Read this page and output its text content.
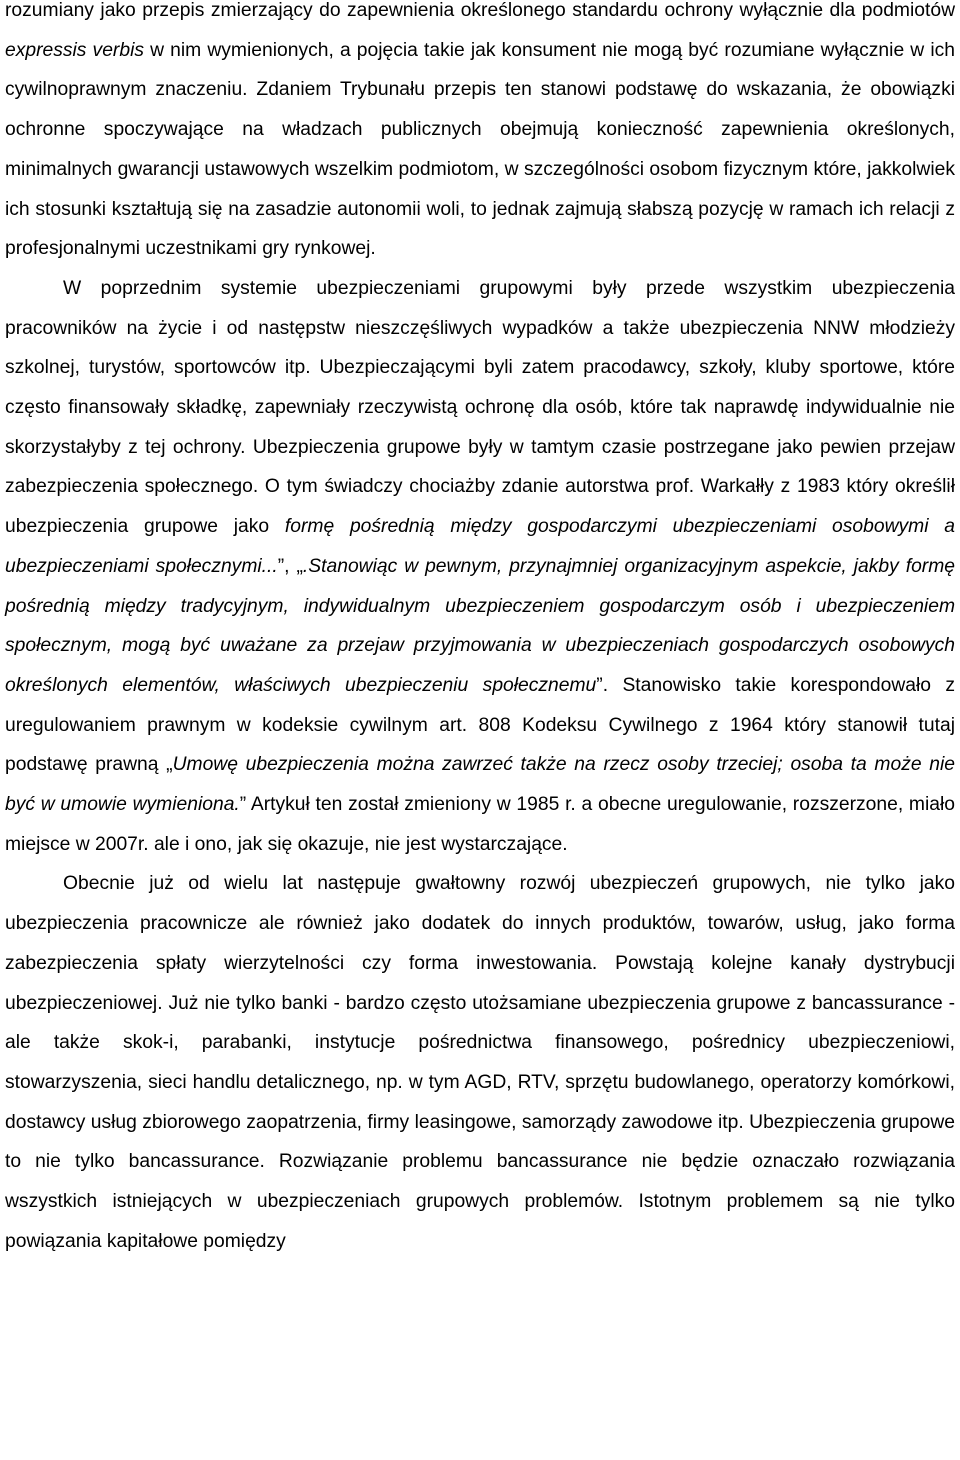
rozumiany jako przepis zmierzający do zapewnienia określonego standardu ochrony wyłącznie dla podmiotów expressis verbis w nim wymienionych, a pojęcia takie jak konsument nie mogą być rozumiane wyłącznie w ich cywilnoprawnym znaczeniu. Zdaniem Trybunału przepis ten stanowi podstawę do wskazania, że obowiązki ochronne spoczywające na władzach publicznych obejmują konieczność zapewnienia określonych, minimalnych gwarancji ustawowych wszelkim podmiotom, w szczególności osobom fizycznym które, jakkolwiek ich stosunki kształtują się na zasadzie autonomii woli, to jednak zajmują słabszą pozycję w ramach ich relacji z profesjonalnymi uczestnikami gry rynkowej.

W poprzednim systemie ubezpieczeniami grupowymi były przede wszystkim ubezpieczenia pracowników na życie i od następstw nieszczęśliwych wypadków a także ubezpieczenia NNW młodzieży szkolnej, turystów, sportowców itp. Ubezpieczającymi byli zatem pracodawcy, szkoły, kluby sportowe, które często finansowały składkę, zapewniały rzeczywistą ochronę dla osób, które tak naprawdę indywidualnie nie skorzystałyby z tej ochrony. Ubezpieczenia grupowe były w tamtym czasie postrzegane jako pewien przejaw zabezpieczenia społecznego. O tym świadczy chociażby zdanie autorstwa prof. Warkałły z 1983 który określił ubezpieczenia grupowe jako formę pośrednią między gospodarczymi ubezpieczeniami osobowymi a ubezpieczeniami społecznymi...”, „.Stanowiąc w pewnym, przynajmniej organizacyjnym aspekcie, jakby formę pośrednią między tradycyjnym, indywidualnym ubezpieczeniem gospodarczym osób i ubezpieczeniem społecznym, mogą być uważane za przejaw przyjmowania w ubezpieczeniach gospodarczych osobowych określonych elementów, właściwych ubezpieczeniu społecznemu”. Stanowisko takie korespondowało z uregulowaniem prawnym w kodeksie cywilnym art. 808 Kodeksu Cywilnego z 1964 który stanowił tutaj podstawę prawną „Umowę ubezpieczenia można zawrzeć także na rzecz osoby trzeciej; osoba ta może nie być w umowie wymieniona.” Artykuł ten został zmieniony w 1985 r. a obecne uregulowanie, rozszerzone, miało miejsce w 2007r. ale i ono, jak się okazuje, nie jest wystarczające.

Obecnie już od wielu lat następuje gwałtowny rozwój ubezpieczeń grupowych, nie tylko jako ubezpieczenia pracownicze ale również jako dodatek do innych produktów, towarów, usług, jako forma zabezpieczenia spłaty wierzytelności czy forma inwestowania. Powstają kolejne kanały dystrybucji ubezpieczeniowej. Już nie tylko banki - bardzo często utożsamiane ubezpieczenia grupowe z bancassurance - ale także skok-i, parabanki, instytucje pośrednictwa finansowego, pośrednicy ubezpieczeniowi, stowarzyszenia, sieci handlu detalicznego, np. w tym AGD, RTV, sprzętu budowlanego, operatorzy komórkowi, dostawcy usług zbiorowego zaopatrzenia, firmy leasingowe, samorządy zawodowe itp. Ubezpieczenia grupowe to nie tylko bancassurance. Rozwiązanie problemu bancassurance nie będzie oznaczało rozwiązania wszystkich istniejących w ubezpieczeniach grupowych problemów. Istotnym problemem są nie tylko powiązania kapitałowe pomiędzy
